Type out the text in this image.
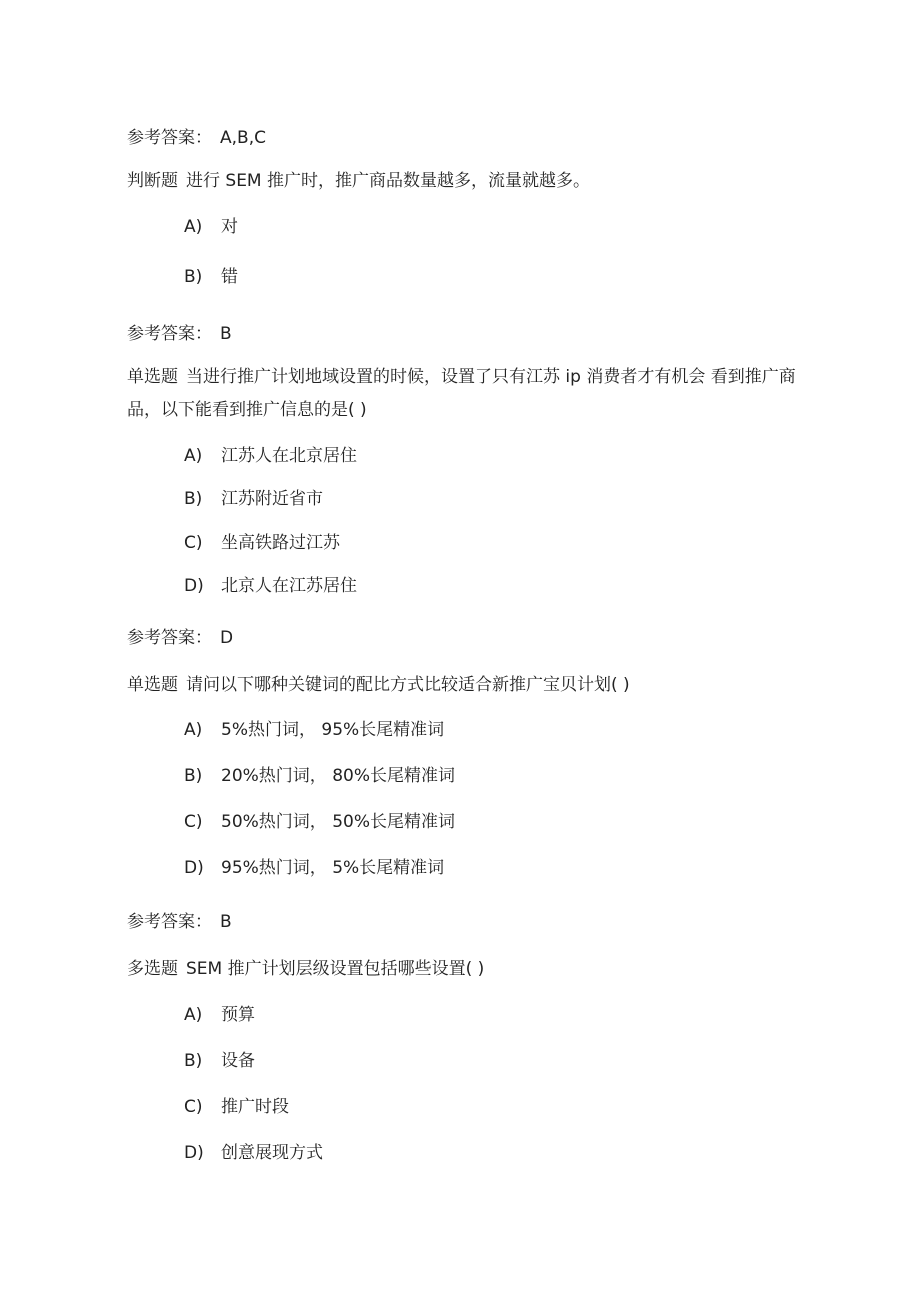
参考答案： A,B,C
判断题 进行 SEM 推广时，推广商品数量越多，流量就越多。
A) 对
B) 错
参考答案： B
单选题 当进行推广计划地域设置的时候，设置了只有江苏 ip 消费者才有机会 看到推广商品，以下能看到推广信息的是( )
A) 江苏人在北京居住
B) 江苏附近省市
C) 坐高铁路过江苏
D) 北京人在江苏居住
参考答案： D
单选题 请问以下哪种关键词的配比方式比较适合新推广宝贝计划( )
A) 5%热门词， 95%长尾精准词
B) 20%热门词， 80%长尾精准词
C) 50%热门词， 50%长尾精准词
D) 95%热门词， 5%长尾精准词
参考答案： B
多选题 SEM 推广计划层级设置包括哪些设置( )
A) 预算
B) 设备
C) 推广时段
D) 创意展现方式
